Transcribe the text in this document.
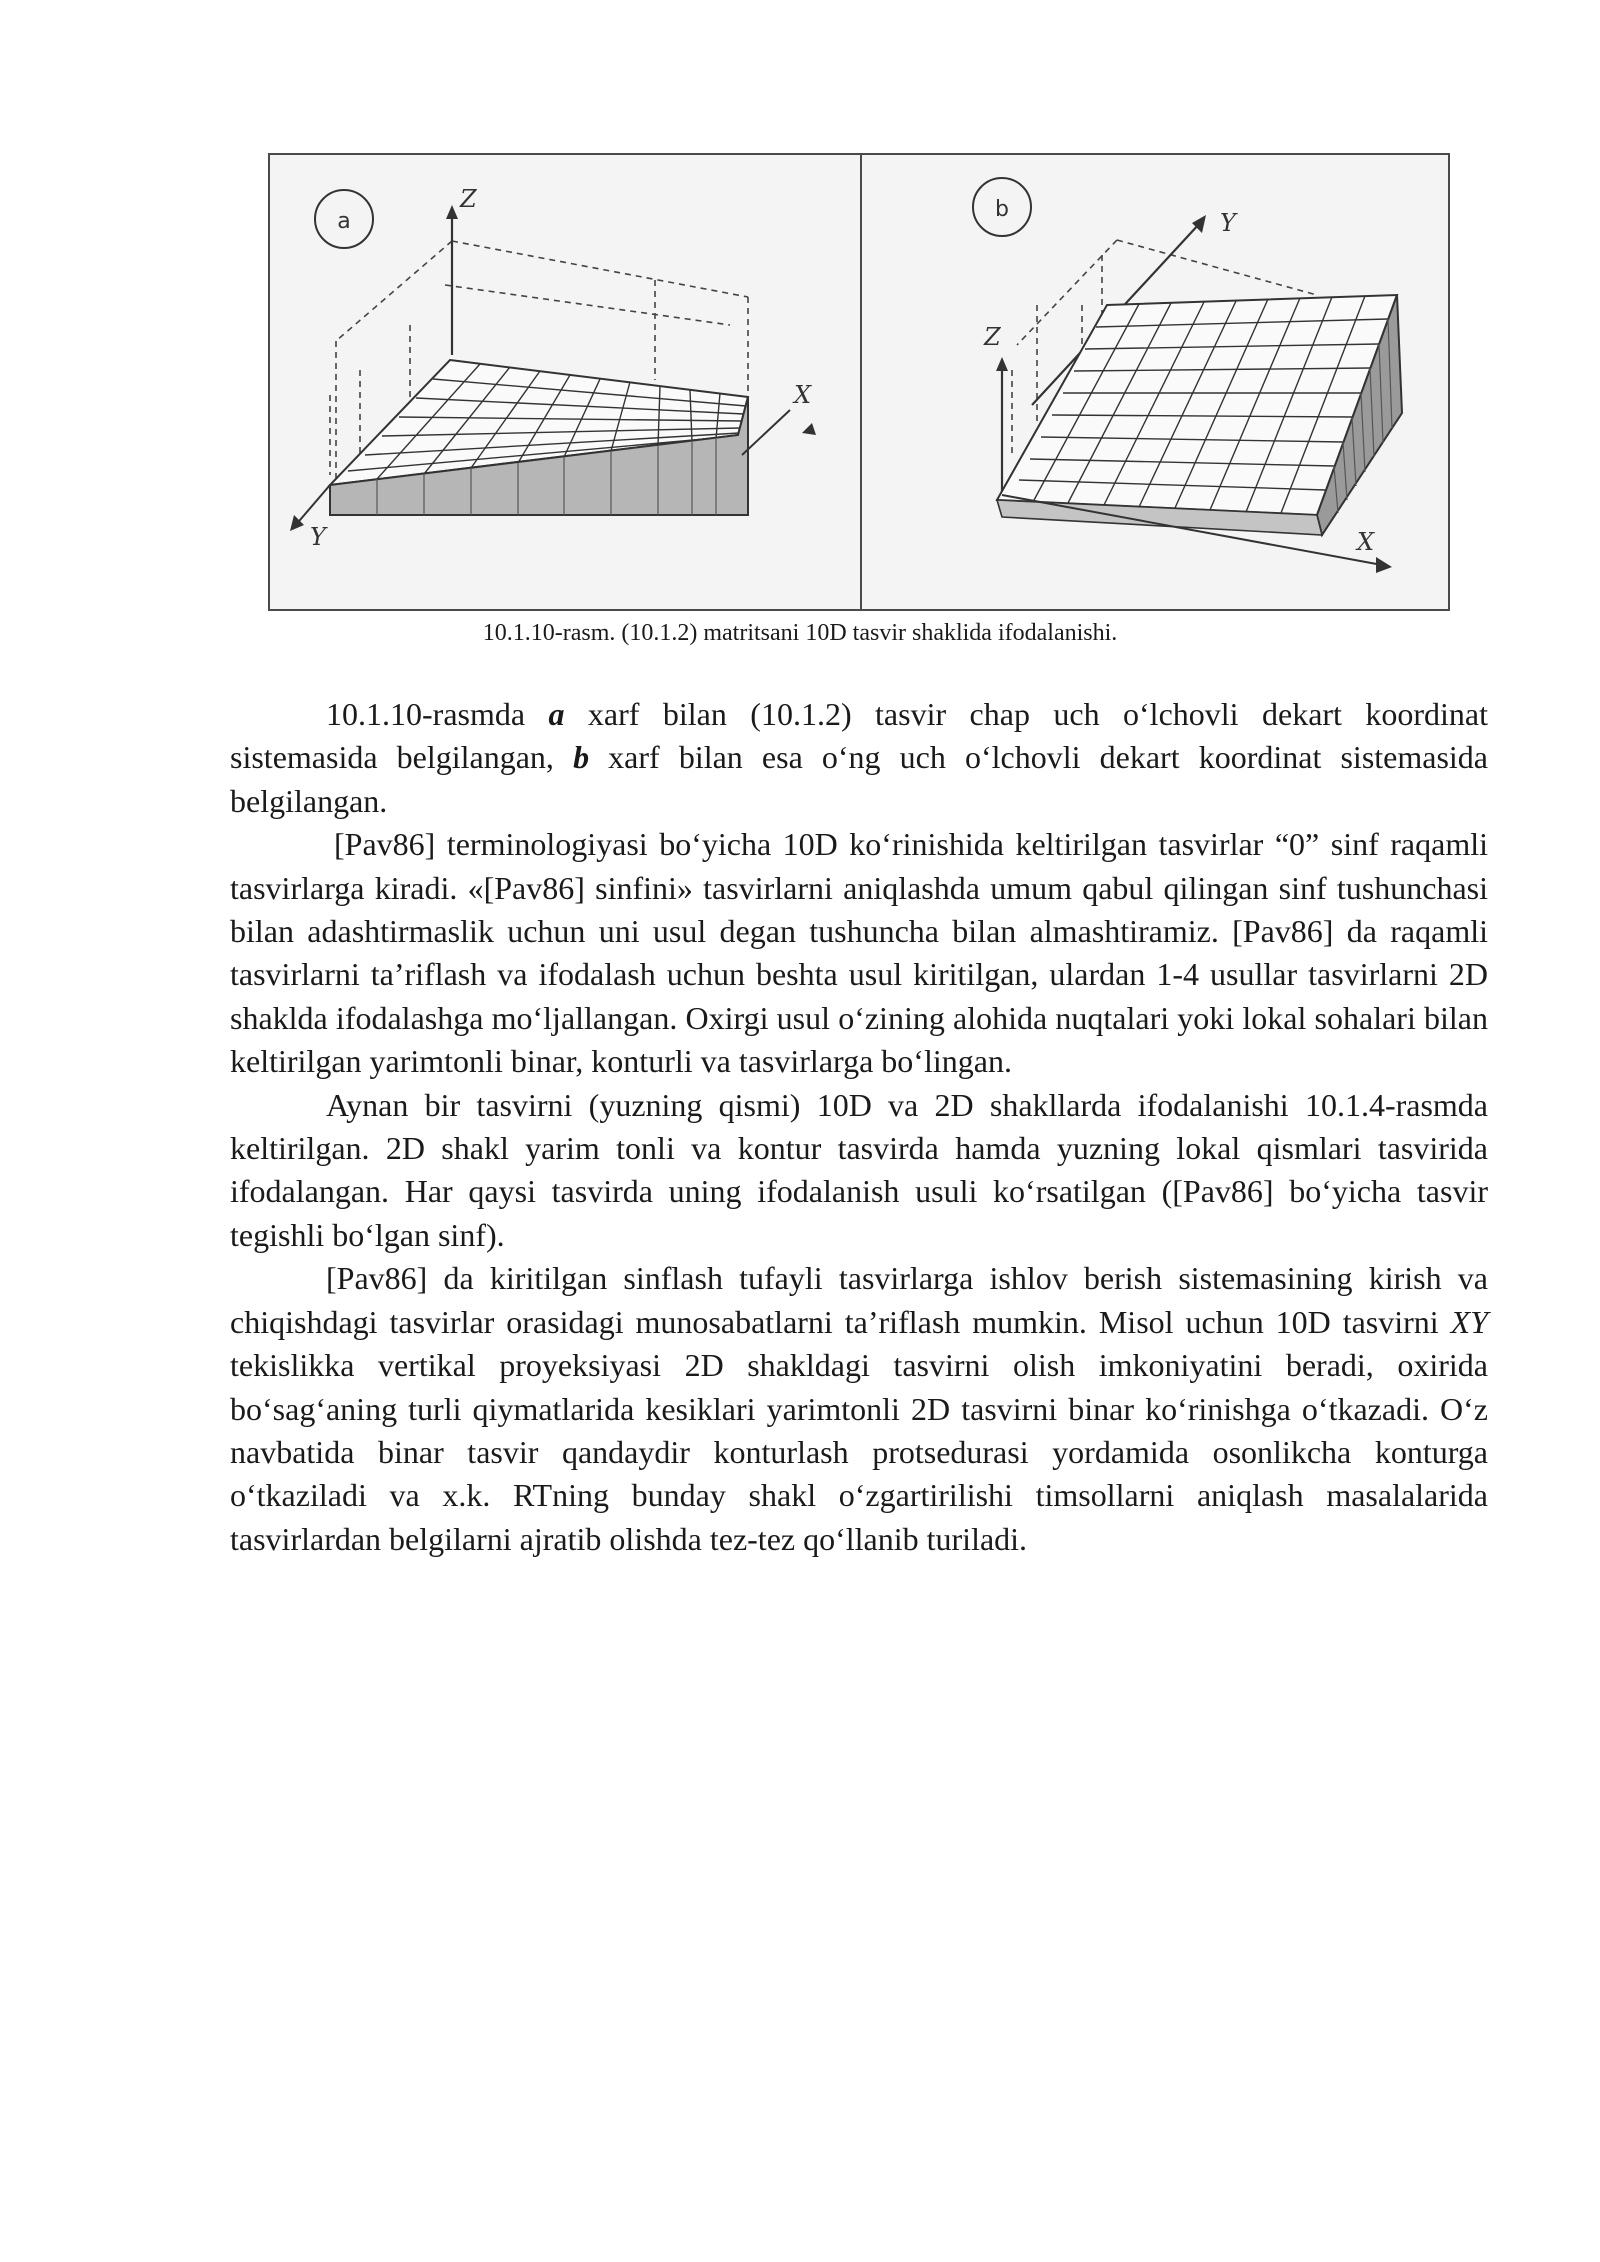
a
Z
X
Y
b
Z
Y
X
10.1.10-rasm. (10.1.2) matritsani 10D tasvir shaklida ifodalanishi.

10.1.10-rasmda a xarf bilan (10.1.2) tasvir chap uch o‘lchovli dekart koordinat sistemasida belgilangan, b xarf bilan esa o‘ng uch o‘lchovli dekart koordinat sistemasida belgilangan.

[Pav86] terminologiyasi bo‘yicha 10D ko‘rinishida keltirilgan tasvirlar “0” sinf raqamli tasvirlarga kiradi. «[Pav86] sinfini» tasvirlarni aniqlashda umum qabul qilingan sinf tushunchasi bilan adashtirmaslik uchun uni usul degan tushuncha bilan almashtiramiz. [Pav86] da raqamli tasvirlarni ta’riflash va ifodalash uchun beshta usul kiritilgan, ulardan 1-4 usullar tasvirlarni 2D shaklda ifodalashga mo‘ljallangan. Oxirgi usul o‘zining alohida nuqtalari yoki lokal sohalari bilan keltirilgan yarimtonli binar, konturli va tasvirlarga bo‘lingan.

Aynan bir tasvirni (yuzning qismi) 10D va 2D shakllarda ifodalanishi 10.1.4-rasmda keltirilgan. 2D shakl yarim tonli va kontur tasvirda hamda yuzning lokal qismlari tasvirida ifodalangan. Har qaysi tasvirda uning ifodalanish usuli ko‘rsatilgan ([Pav86] bo‘yicha tasvir tegishli bo‘lgan sinf).

[Pav86] da kiritilgan sinflash tufayli tasvirlarga ishlov berish sistemasining kirish va chiqishdagi tasvirlar orasidagi munosabatlarni ta’riflash mumkin. Misol uchun 10D tasvirni XY tekislikka vertikal proyeksiyasi 2D shakldagi tasvirni olish imkoniyatini beradi, oxirida bo‘sag‘aning turli qiymatlarida kesiklari yarimtonli 2D tasvirni binar ko‘rinishga o‘tkazadi. O‘z navbatida binar tasvir qandaydir konturlash protsedurasi yordamida osonlikcha konturga o‘tkaziladi va x.k. RTning bunday shakl o‘zgartirilishi timsollarni aniqlash masalalarida tasvirlardan belgilarni ajratib olishda tez-tez qo‘llanib turiladi.
